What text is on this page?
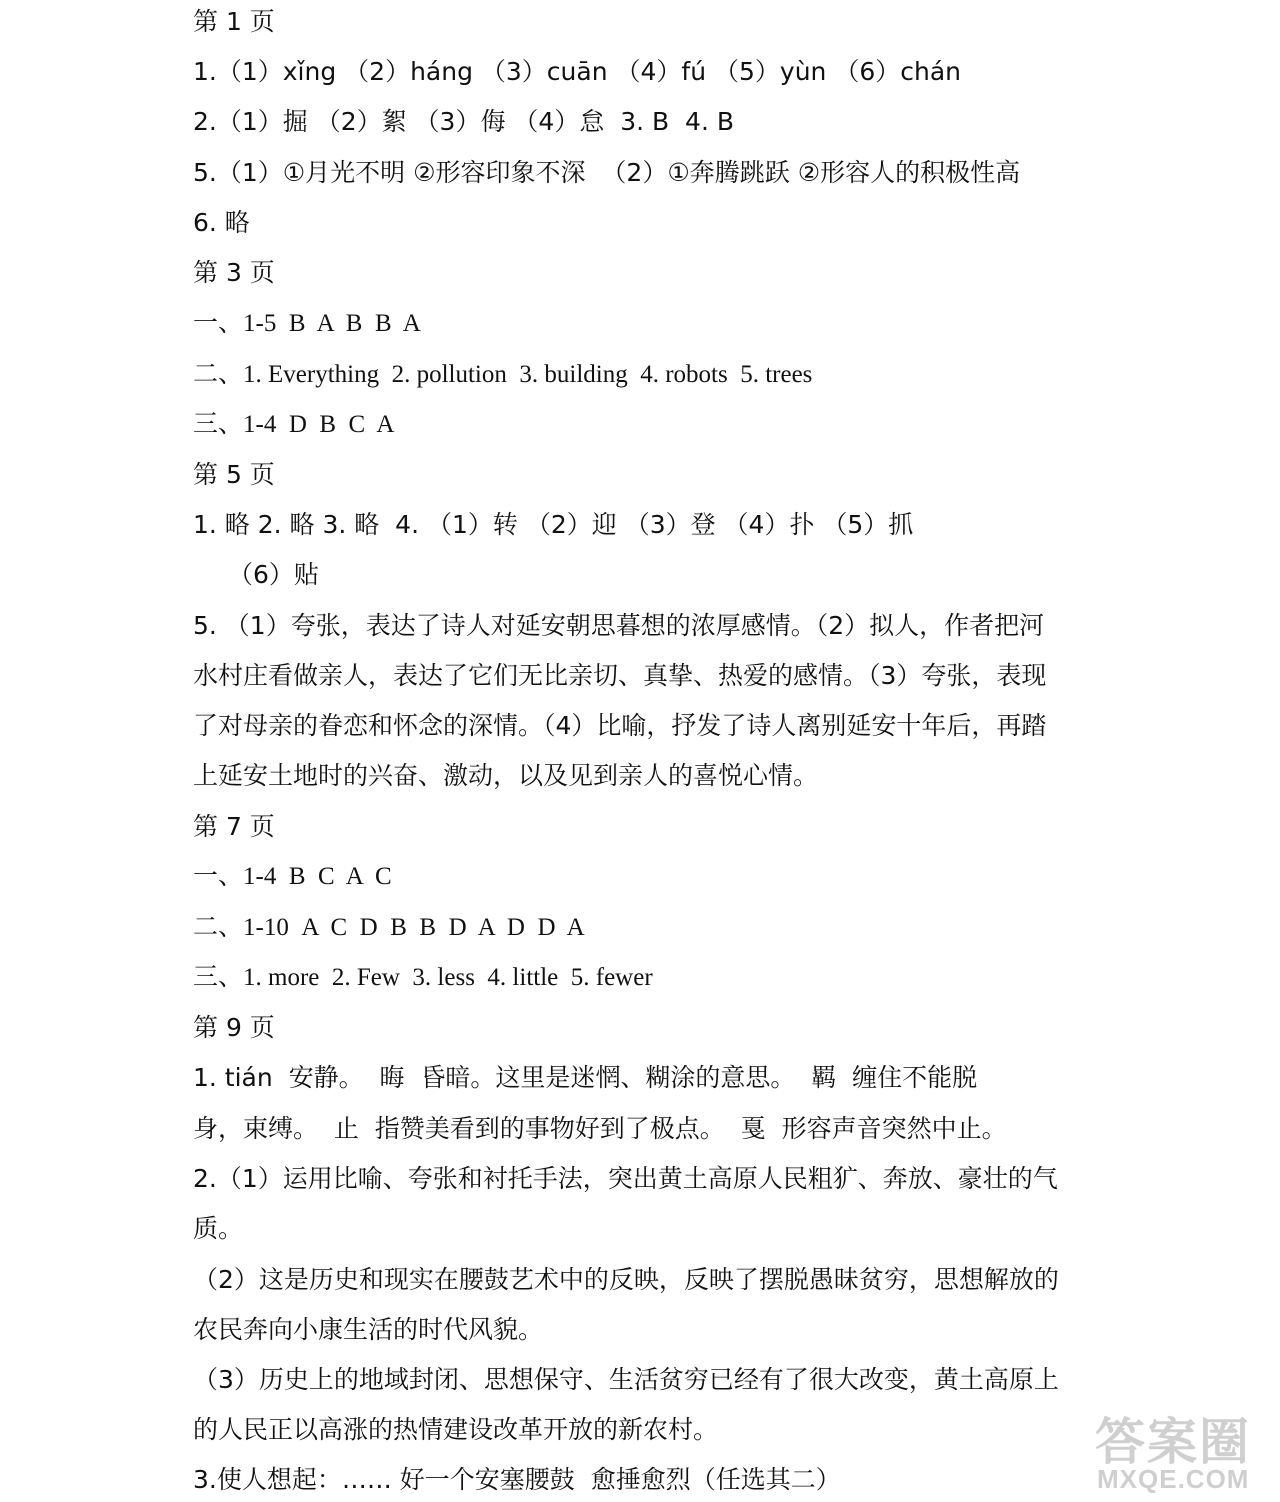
第 1 页
1.（1）xǐng （2）háng （3）cuān （4）fú （5）yùn （6）chán
2.（1）掘 （2）絮 （3）侮 （4）怠  3. B  4. B
5.（1）①月光不明 ②形容印象不深  （2）①奔腾跳跃 ②形容人的积极性高
6. 略
第 3 页
一、1-5  B  A  B  B  A
二、1. Everything  2. pollution  3. building  4. robots  5. trees
三、1-4  D  B  C  A
第 5 页
1. 略 2. 略 3. 略  4. （1）转 （2）迎 （3）登 （4）扑 （5）抓
（6）贴
5. （1）夸张，表达了诗人对延安朝思暮想的浓厚感情。（2）拟人，作者把河
水村庄看做亲人，表达了它们无比亲切、真挚、热爱的感情。（3）夸张，表现
了对母亲的眷恋和怀念的深情。（4）比喻，抒发了诗人离别延安十年后，再踏
上延安土地时的兴奋、激动，以及见到亲人的喜悦心情。
第 7 页
一、1-4  B  C  A  C
二、1-10  A  C  D  B  B  D  A  D  D  A
三、1. more  2. Few  3. less  4. little  5. fewer
第 9 页
1. tián  安静。  晦  昏暗。这里是迷惘、糊涂的意思。  羁  缠住不能脱
身，束缚。  止  指赞美看到的事物好到了极点。  戛  形容声音突然中止。
2.（1）运用比喻、夸张和衬托手法，突出黄土高原人民粗犷、奔放、豪壮的气
质。
（2）这是历史和现实在腰鼓艺术中的反映，反映了摆脱愚昧贫穷，思想解放的
农民奔向小康生活的时代风貌。
（3）历史上的地域封闭、思想保守、生活贫穷已经有了很大改变，黄土高原上
的人民正以高涨的热情建设改革开放的新农村。
3.使人想起：…… 好一个安塞腰鼓  愈捶愈烈（任选其二）
答案圈
MXQE.COM
